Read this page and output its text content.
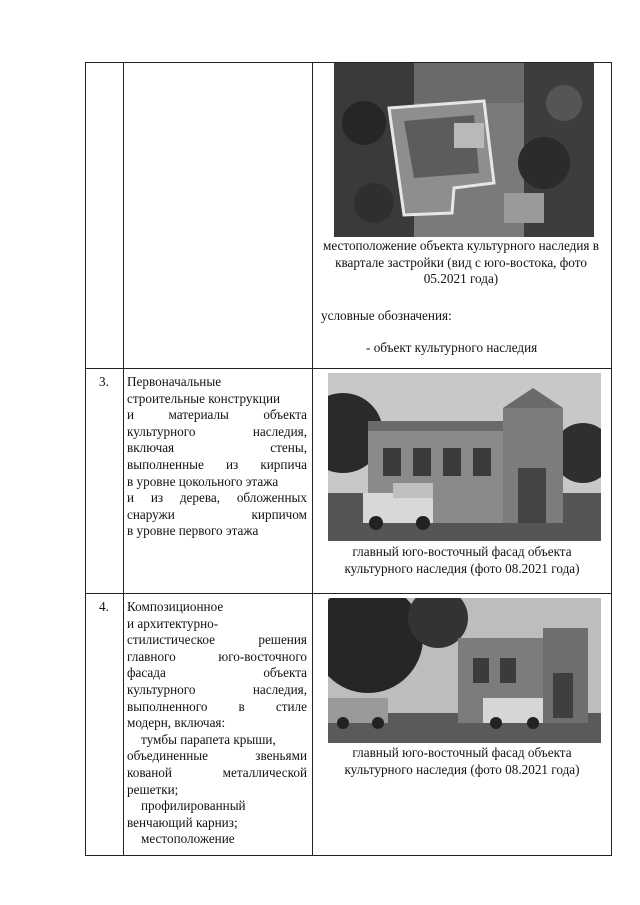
местоположение объекта культурного наследия в квартале застройки (вид с юго-востока, фото 05.2021 года)
условные обозначения:
- объект культурного наследия
3.	Первоначальные
строительные конструкции
и материалы объекта
культурного наследия,
включая стены,
выполненные из кирпича
в уровне цокольного этажа
и из дерева, обложенных
снаружи кирпичом
в уровне первого этажа
главный юго-восточный фасад объекта культурного наследия (фото 08.2021 года)
4.	Композиционное
и архитектурно-
стилистическое решения
главного юго-восточного
фасада объекта
культурного наследия,
выполненного в стиле
модерн, включая:
тумбы парапета крыши,
объединенные звеньями
кованой металлической
решетки;
профилированный
венчающий карниз;
местоположение
главный юго-восточный фасад объекта культурного наследия (фото 08.2021 года)
